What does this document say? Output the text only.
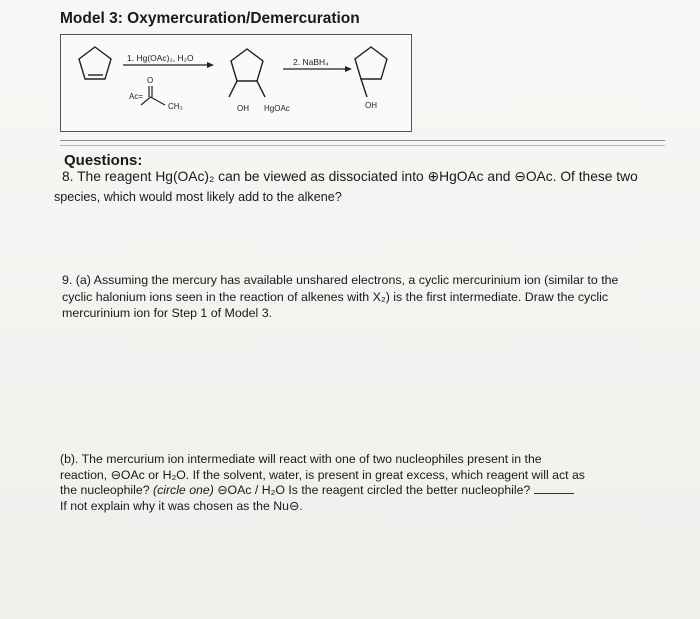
Model 3: Oxymercuration/Demercuration
1. Hg(OAc)₂, H₂O
Ac=
O
CH₃	OH HgOAc
2. NaBH₄
OH
Questions:
8. The reagent Hg(OAc)₂ can be viewed as dissociated into ⊕HgOAc and ⊖OAc. Of these two
species, which would most likely add to the alkene?
9. (a) Assuming the mercury has available unshared electrons, a cyclic mercurinium ion (similar to the
cyclic halonium ions seen in the reaction of alkenes with X₂) is the first intermediate. Draw the cyclic
mercurinium ion for Step 1 of Model 3.
(b). The mercurium ion intermediate will react with one of two nucleophiles present in the
reaction, ⊖OAc or H₂O. If the solvent, water, is present in great excess, which reagent will act as
the nucleophile? (circle one) ⊖OAc / H₂O Is the reagent circled the better nucleophile?
If not explain why it was chosen as the Nu⊖.
